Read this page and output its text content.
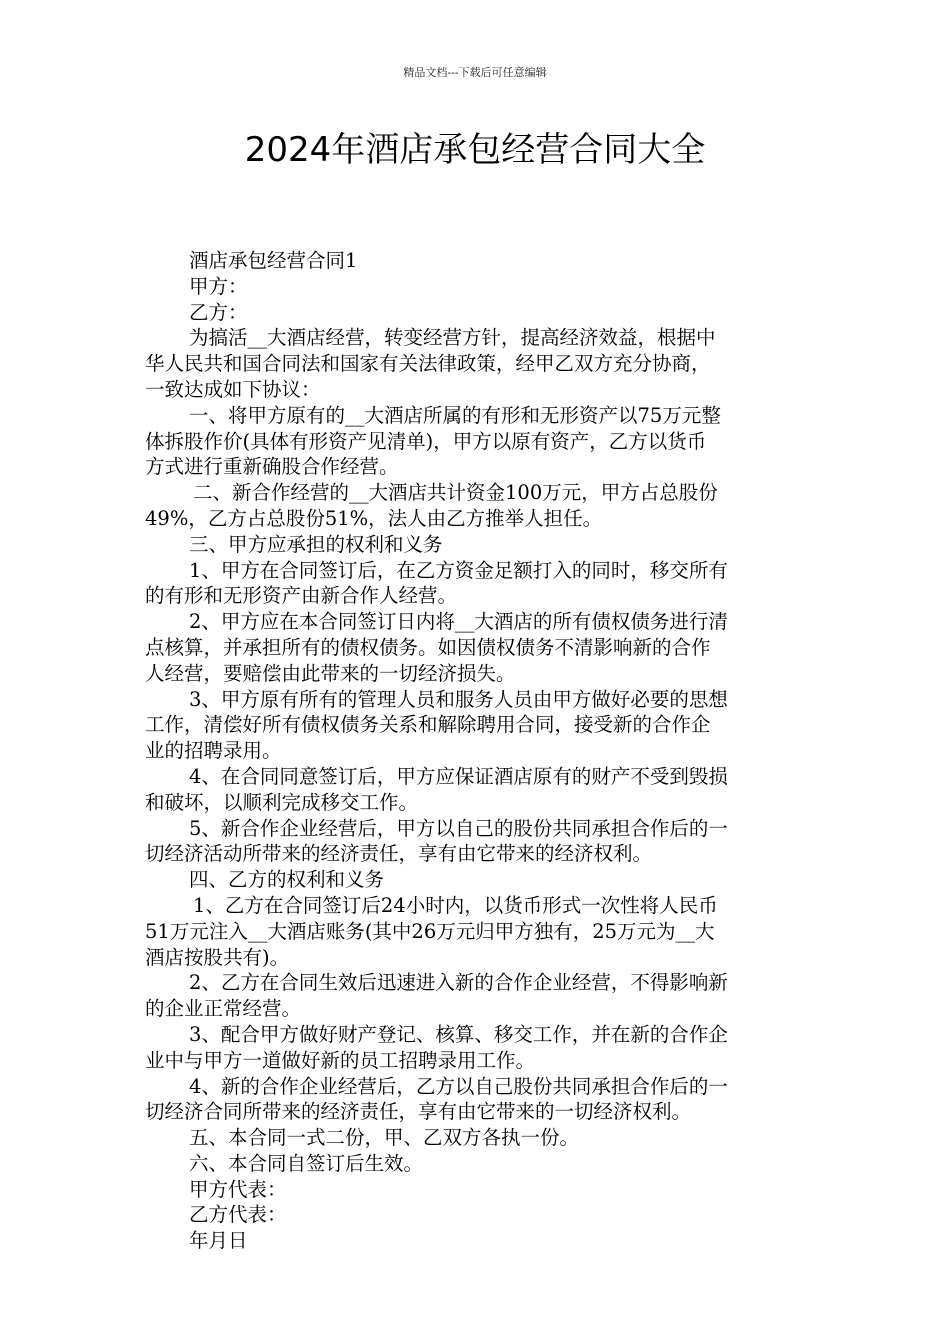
精品文档---下载后可任意编辑
2024年酒店承包经营合同大全
酒店承包经营合同1
甲方：
乙方：
为搞活__大酒店经营，转变经营方针，提高经济效益，根据中
华人民共和国合同法和国家有关法律政策，经甲乙双方充分协商，
一致达成如下协议：
一、将甲方原有的__大酒店所属的有形和无形资产以75万元整
体拆股作价(具体有形资产见清单)，甲方以原有资产，乙方以货币
方式进行重新确股合作经营。
二、新合作经营的__大酒店共计资金100万元，甲方占总股份
49%，乙方占总股份51%，法人由乙方推举人担任。
三、甲方应承担的权利和义务
1、甲方在合同签订后，在乙方资金足额打入的同时，移交所有
的有形和无形资产由新合作人经营。
2、甲方应在本合同签订日内将__大酒店的所有债权债务进行清
点核算，并承担所有的债权债务。如因债权债务不清影响新的合作
人经营，要赔偿由此带来的一切经济损失。
3、甲方原有所有的管理人员和服务人员由甲方做好必要的思想
工作，清偿好所有债权债务关系和解除聘用合同，接受新的合作企
业的招聘录用。
4、在合同同意签订后，甲方应保证酒店原有的财产不受到毁损
和破坏，以顺利完成移交工作。
5、新合作企业经营后，甲方以自己的股份共同承担合作后的一
切经济活动所带来的经济责任，享有由它带来的经济权利。
四、乙方的权利和义务
1、乙方在合同签订后24小时内，以货币形式一次性将人民币
51万元注入__大酒店账务(其中26万元归甲方独有，25万元为__大
酒店按股共有)。
2、乙方在合同生效后迅速进入新的合作企业经营，不得影响新
的企业正常经营。
3、配合甲方做好财产登记、核算、移交工作，并在新的合作企
业中与甲方一道做好新的员工招聘录用工作。
4、新的合作企业经营后，乙方以自己股份共同承担合作后的一
切经济合同所带来的经济责任，享有由它带来的一切经济权利。
五、本合同一式二份，甲、乙双方各执一份。
六、本合同自签订后生效。
甲方代表：
乙方代表：
年月日
